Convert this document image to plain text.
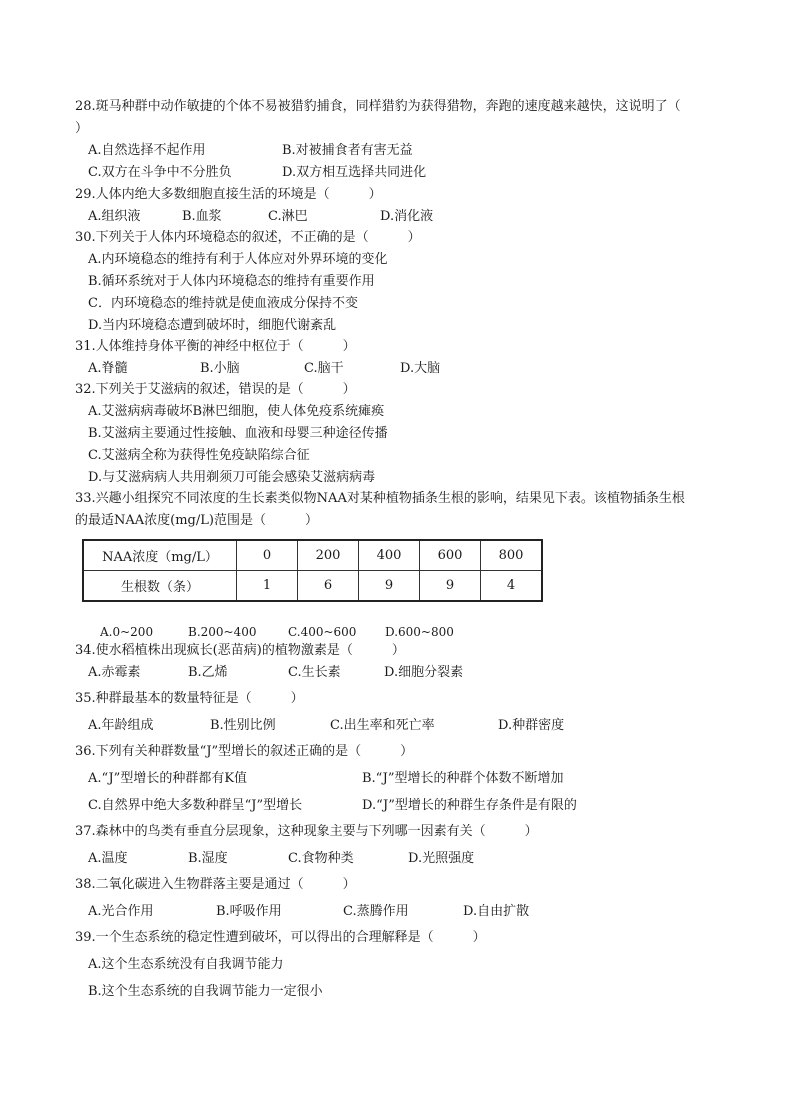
28.斑马种群中动作敏捷的个体不易被猎豹捕食，同样猎豹为获得猎物，奔跑的速度越来越快，这说明了（
）
A.自然选择不起作用	B.对被捕食者有害无益
C.双方在斗争中不分胜负	D.双方相互选择共同进化
29.人体内绝大多数细胞直接生活的环境是（　　　）
A.组织液	B.血浆	C.淋巴	D.消化液
30.下列关于人体内环境稳态的叙述，不正确的是（　　　）
A.内环境稳态的维持有利于人体应对外界环境的变化
B.循环系统对于人体内环境稳态的维持有重要作用
C．内环境稳态的维持就是使血液成分保持不变
D.当内环境稳态遭到破坏时，细胞代谢紊乱
31.人体维持身体平衡的神经中枢位于（　　　）
A.脊髓	B.小脑	C.脑干	D.大脑
32.下列关于艾滋病的叙述，错误的是（　　　）
A.艾滋病病毒破坏B淋巴细胞，使人体免疫系统瘫痪
B.艾滋病主要通过性接触、血液和母婴三种途径传播
C.艾滋病全称为获得性免疫缺陷综合征
D.与艾滋病病人共用剃须刀可能会感染艾滋病病毒
33.兴趣小组探究不同浓度的生长素类似物NAA对某种植物插条生根的影响，结果见下表。该植物插条生根
的最适NAA浓度(mg/L)范围是（　　　）
NAA浓度（mg/L）	0	200	400	600	800
生根数（条）	1	6	9	9	4
A.0~200	B.200~400	C.400~600 D.600~800
34.使水稻植株出现疯长(恶苗病)的植物激素是（　　　）
A.赤霉素	B.乙烯	C.生长素	D.细胞分裂素
35.种群最基本的数量特征是（　　　）
A.年龄组成	B.性别比例	C.出生率和死亡率	D.种群密度
36.下列有关种群数量“J”型增长的叙述正确的是（　　　）
A.“J”型增长的种群都有K值	B.“J”型增长的种群个体数不断增加
C.自然界中绝大多数种群呈“J”型增长	D.“J”型增长的种群生存条件是有限的
37.森林中的鸟类有垂直分层现象，这种现象主要与下列哪一因素有关（　　　）
A.温度	B.湿度	C.食物种类	D.光照强度
38.二氧化碳进入生物群落主要是通过（　　　）
A.光合作用	B.呼吸作用	C.蒸腾作用	D.自由扩散
39.一个生态系统的稳定性遭到破坏，可以得出的合理解释是（　　　）
A.这个生态系统没有自我调节能力
B.这个生态系统的自我调节能力一定很小
